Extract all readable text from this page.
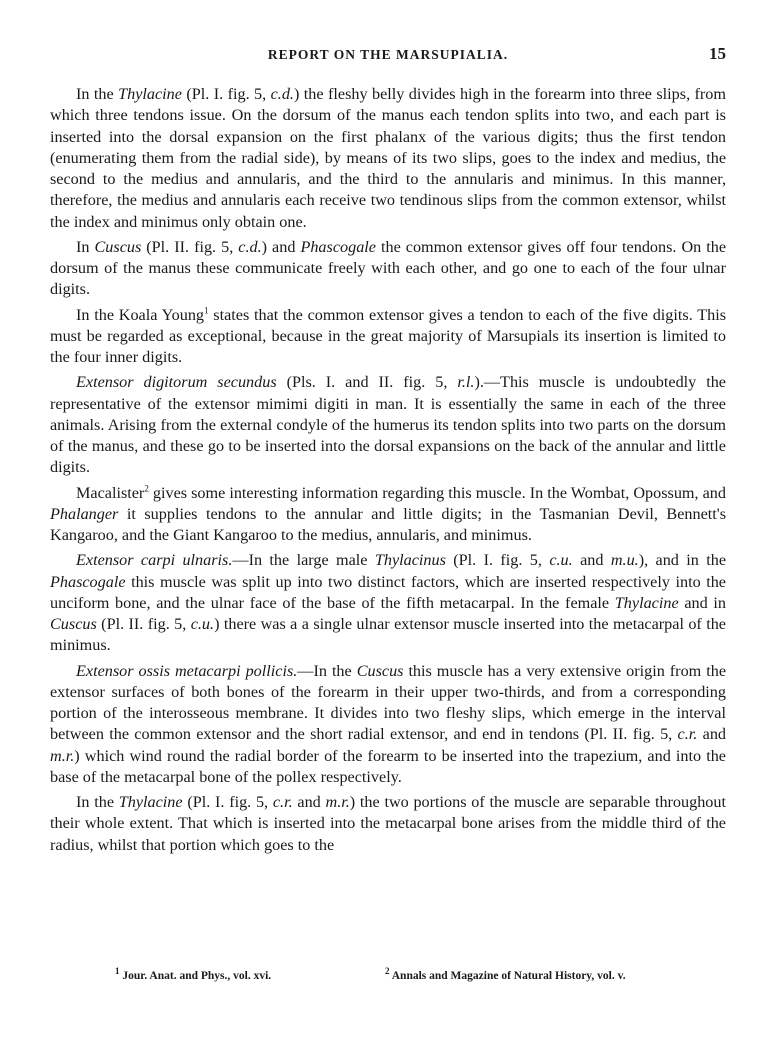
REPORT ON THE MARSUPIALIA.	15

In the Thylacine (Pl. I. fig. 5, c.d.) the fleshy belly divides high in the forearm into three slips, from which three tendons issue. On the dorsum of the manus each tendon splits into two, and each part is inserted into the dorsal expansion on the first phalanx of the various digits; thus the first tendon (enumerating them from the radial side), by means of its two slips, goes to the index and medius, the second to the medius and annularis, and the third to the annularis and minimus. In this manner, therefore, the medius and annularis each receive two tendinous slips from the common extensor, whilst the index and minimus only obtain one.

In Cuscus (Pl. II. fig. 5, c.d.) and Phascogale the common extensor gives off four tendons. On the dorsum of the manus these communicate freely with each other, and go one to each of the four ulnar digits.

In the Koala Young$^1$ states that the common extensor gives a tendon to each of the five digits. This must be regarded as exceptional, because in the great majority of Marsupials its insertion is limited to the four inner digits.

Extensor digitorum secundus (Pls. I. and II. fig. 5, r.l.).—This muscle is undoubtedly the representative of the extensor mimimi digiti in man. It is essentially the same in each of the three animals. Arising from the external condyle of the humerus its tendon splits into two parts on the dorsum of the manus, and these go to be inserted into the dorsal expansions on the back of the annular and little digits.

Macalister$^2$ gives some interesting information regarding this muscle. In the Wombat, Opossum, and Phalanger it supplies tendons to the annular and little digits; in the Tasmanian Devil, Bennett's Kangaroo, and the Giant Kangaroo to the medius, annularis, and minimus.

Extensor carpi ulnaris.—In the large male Thylacinus (Pl. I. fig. 5, c.u. and m.u.), and in the Phascogale this muscle was split up into two distinct factors, which are inserted respectively into the unciform bone, and the ulnar face of the base of the fifth metacarpal. In the female Thylacine and in Cuscus (Pl. II. fig. 5, c.u.) there was a a single ulnar extensor muscle inserted into the metacarpal of the minimus.

Extensor ossis metacarpi pollicis.—In the Cuscus this muscle has a very extensive origin from the extensor surfaces of both bones of the forearm in their upper two-thirds, and from a corresponding portion of the interosseous membrane. It divides into two fleshy slips, which emerge in the interval between the common extensor and the short radial extensor, and end in tendons (Pl. II. fig. 5, c.r. and m.r.) which wind round the radial border of the forearm to be inserted into the trapezium, and into the base of the metacarpal bone of the pollex respectively.

In the Thylacine (Pl. I. fig. 5, c.r. and m.r.) the two portions of the muscle are separable throughout their whole extent. That which is inserted into the metacarpal bone arises from the middle third of the radius, whilst that portion which goes to the

$^1$ Jour. Anat. and Phys., vol. xvi.	$^2$ Annals and Magazine of Natural History, vol. v.
